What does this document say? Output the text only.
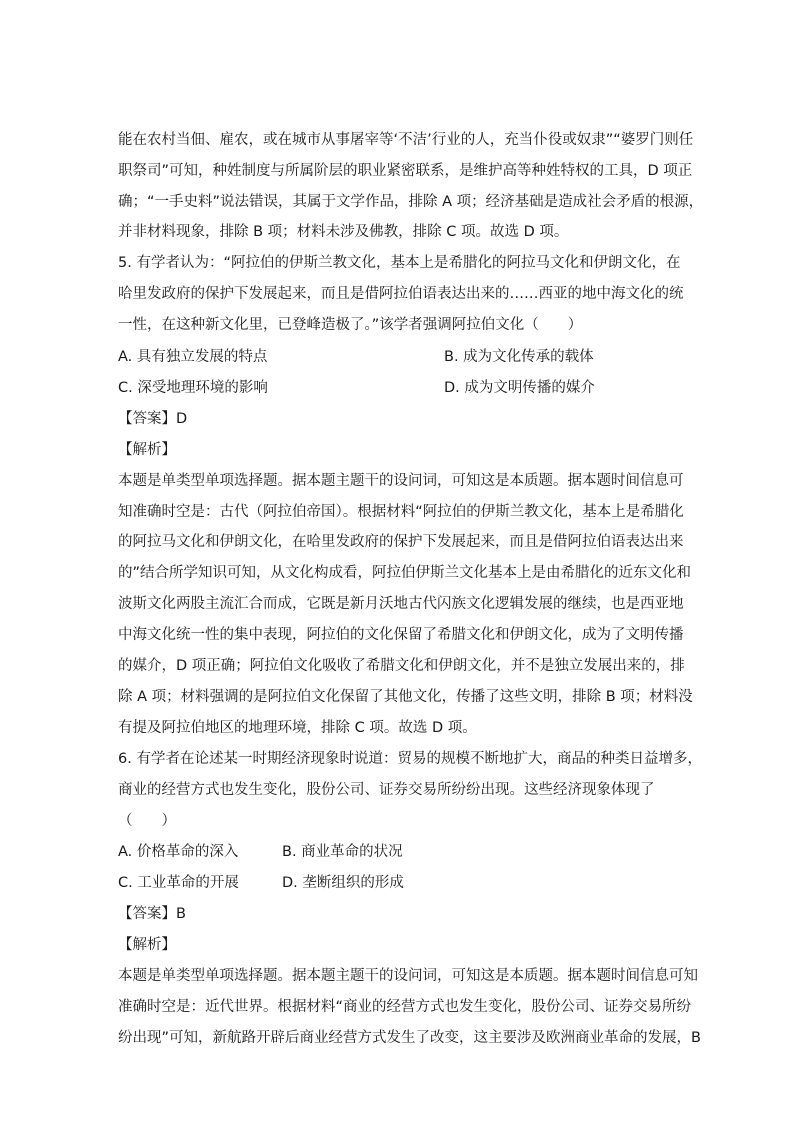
能在农村当佃、雇农，或在城市从事屠宰等‘不洁’行业的人，充当仆役或奴隶”“婆罗门则任
职祭司”可知，种姓制度与所属阶层的职业紧密联系，是维护高等种姓特权的工具，D 项正
确；“一手史料”说法错误，其属于文学作品，排除 A 项；经济基础是造成社会矛盾的根源，
并非材料现象，排除 B 项；材料未涉及佛教，排除 C 项。故选 D 项。
5. 有学者认为：“阿拉伯的伊斯兰教文化，基本上是希腊化的阿拉马文化和伊朗文化，在
哈里发政府的保护下发展起来，而且是借阿拉伯语表达出来的……西亚的地中海文化的统
一性，在这种新文化里，已登峰造极了。”该学者强调阿拉伯文化（　　）
A. 具有独立发展的特点	B. 成为文化传承的载体
C. 深受地理环境的影响	D. 成为文明传播的媒介
【答案】D
【解析】
本题是单类型单项选择题。据本题主题干的设问词，可知这是本质题。据本题时间信息可
知准确时空是：古代（阿拉伯帝国）。根据材料“阿拉伯的伊斯兰教文化，基本上是希腊化
的阿拉马文化和伊朗文化，在哈里发政府的保护下发展起来，而且是借阿拉伯语表达出来
的”结合所学知识可知，从文化构成看，阿拉伯伊斯兰文化基本上是由希腊化的近东文化和
波斯文化两股主流汇合而成，它既是新月沃地古代闪族文化逻辑发展的继续，也是西亚地
中海文化统一性的集中表现，阿拉伯的文化保留了希腊文化和伊朗文化，成为了文明传播
的媒介，D 项正确；阿拉伯文化吸收了希腊文化和伊朗文化，并不是独立发展出来的，排
除 A 项；材料强调的是阿拉伯文化保留了其他文化，传播了这些文明，排除 B 项；材料没
有提及阿拉伯地区的地理环境，排除 C 项。故选 D 项。
6. 有学者在论述某一时期经济现象时说道：贸易的规模不断地扩大，商品的种类日益增多，
商业的经营方式也发生变化，股份公司、证券交易所纷纷出现。这些经济现象体现了
（　　）
A. 价格革命的深入	B. 商业革命的状况
C. 工业革命的开展	D. 垄断组织的形成
【答案】B
【解析】
本题是单类型单项选择题。据本题主题干的设问词，可知这是本质题。据本题时间信息可知
准确时空是：近代世界。根据材料“商业的经营方式也发生变化，股份公司、证券交易所纷
纷出现”可知，新航路开辟后商业经营方式发生了改变，这主要涉及欧洲商业革命的发展，B
